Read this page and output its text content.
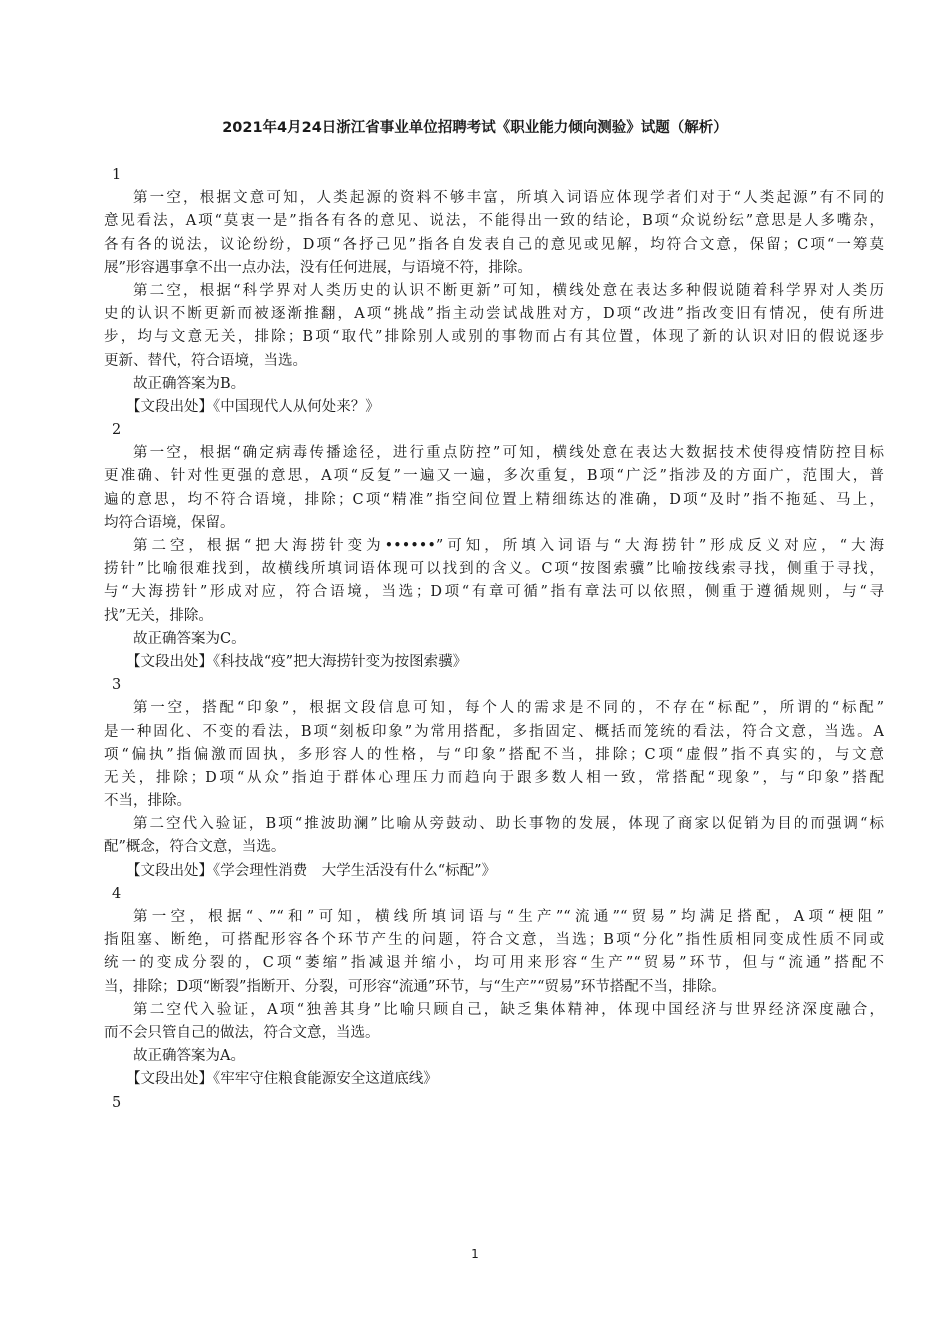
2021年4月24日浙江省事业单位招聘考试《职业能力倾向测验》试题（解析）
1
第一空，根据文意可知，人类起源的资料不够丰富，所填入词语应体现学者们对于“人类起源”有不同的
意见看法，A项“莫衷一是”指各有各的意见、说法，不能得出一致的结论，B项“众说纷纭”意思是人多嘴杂，
各有各的说法，议论纷纷，D项“各抒己见”指各自发表自己的意见或见解，均符合文意，保留；C项“一筹莫
展”形容遇事拿不出一点办法，没有任何进展，与语境不符，排除。
第二空，根据“科学界对人类历史的认识不断更新”可知，横线处意在表达多种假说随着科学界对人类历
史的认识不断更新而被逐渐推翻，A项“挑战”指主动尝试战胜对方，D项“改进”指改变旧有情况，使有所进
步，均与文意无关，排除；B项“取代”排除别人或别的事物而占有其位置，体现了新的认识对旧的假说逐步
更新、替代，符合语境，当选。
故正确答案为B。
【文段出处】《中国现代人从何处来？》
2
第一空，根据“确定病毒传播途径，进行重点防控”可知，横线处意在表达大数据技术使得疫情防控目标
更准确、针对性更强的意思，A项“反复”一遍又一遍，多次重复，B项“广泛”指涉及的方面广，范围大，普
遍的意思，均不符合语境，排除；C项“精准”指空间位置上精细练达的准确，D项“及时”指不拖延、马上，
均符合语境，保留。
第二空，根据“把大海捞针变为••••••”可知，所填入词语与“大海捞针”形成反义对应，“大海
捞针”比喻很难找到，故横线所填词语体现可以找到的含义。C项“按图索骥”比喻按线索寻找，侧重于寻找，
与“大海捞针”形成对应，符合语境，当选；D项“有章可循”指有章法可以依照，侧重于遵循规则，与“寻
找”无关，排除。
故正确答案为C。
【文段出处】《科技战“疫”把大海捞针变为按图索骥》
3
第一空，搭配“印象”，根据文段信息可知，每个人的需求是不同的，不存在“标配”，所谓的“标配”
是一种固化、不变的看法，B项“刻板印象”为常用搭配，多指固定、概括而笼统的看法，符合文意，当选。A
项“偏执”指偏激而固执，多形容人的性格，与“印象”搭配不当，排除；C项“虚假”指不真实的，与文意
无关，排除；D项“从众”指迫于群体心理压力而趋向于跟多数人相一致，常搭配“现象”，与“印象”搭配
不当，排除。
第二空代入验证，B项“推波助澜”比喻从旁鼓动、助长事物的发展，体现了商家以促销为目的而强调“标
配”概念，符合文意，当选。
【文段出处】《学会理性消费　大学生活没有什么“标配”》
4
第一空，根据“、”“和”可知，横线所填词语与“生产”“流通”“贸易”均满足搭配，A项“梗阻”
指阻塞、断绝，可搭配形容各个环节产生的问题，符合文意，当选；B项“分化”指性质相同变成性质不同或
统一的变成分裂的，C项“萎缩”指减退并缩小，均可用来形容“生产”“贸易”环节，但与“流通”搭配不
当，排除；D项“断裂”指断开、分裂，可形容“流通”环节，与“生产”“贸易”环节搭配不当，排除。
第二空代入验证，A项“独善其身”比喻只顾自己，缺乏集体精神，体现中国经济与世界经济深度融合，
而不会只管自己的做法，符合文意，当选。
故正确答案为A。
【文段出处】《牢牢守住粮食能源安全这道底线》
5
1
